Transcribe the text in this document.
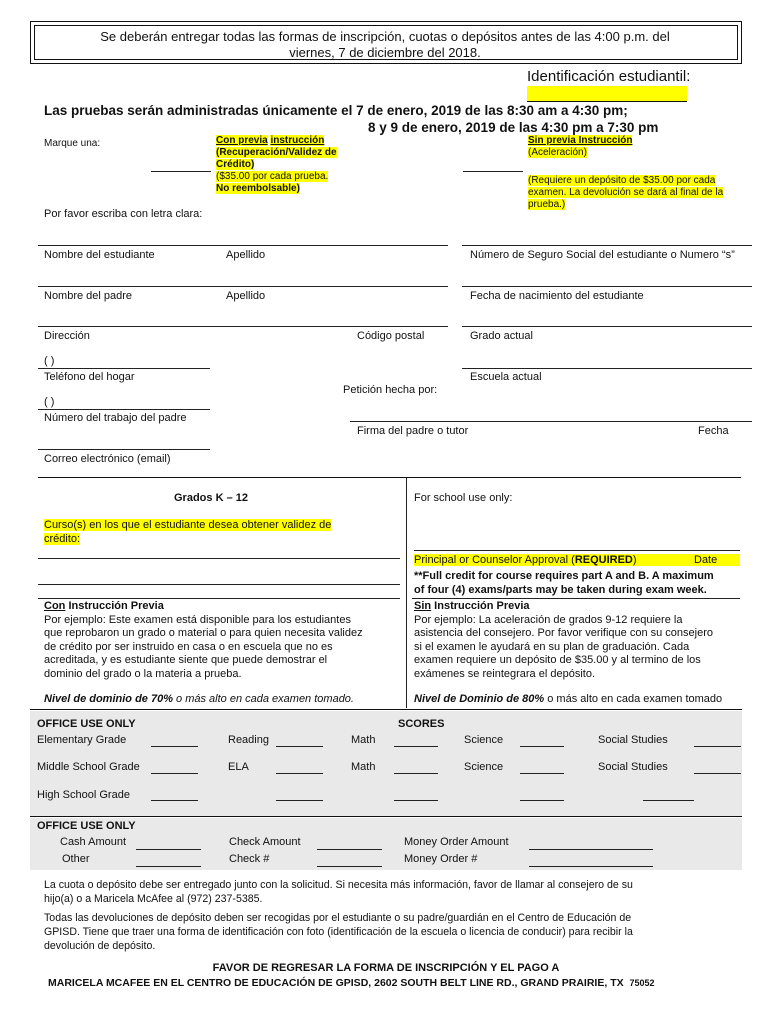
Se deberán entregar todas las formas de inscripción, cuotas o depósitos antes de las 4:00 p.m. del
viernes, 7 de diciembre del 2018.
Identificación estudiantil:
Las pruebas serán administradas únicamente el 7 de enero, 2019 de las 8:30 am a 4:30 pm;
8 y 9 de enero, 2019 de las 4:30 pm a 7:30 pm
Marque una:	Con previa instrucción
(Recuperación/Validez de
Crédito)
($35.00 por cada prueba.
No reembolsable)
Sin previa Instrucción
(Aceleración)

(Requiere un depósito de $35.00 por cada
examen. La devolución se dará al final de la
prueba.)
Por favor escriba con letra clara:
Nombre del estudiante	Apellido	Número de Seguro Social del estudiante o Numero “s”
Nombre del padre	Apellido	Fecha de nacimiento del estudiante
Dirección	Código postal	Grado actual
( )
Teléfono del hogar	Escuela actual
Petición hecha por:
( )
Número del trabajo del padre
Firma del padre o tutor	Fecha
Correo electrónico (email)
Grados K – 12	For school use only:
Curso(s) en los que el estudiante desea obtener validez de
crédito:
Principal or Counselor Approval (REQUIRED)	Date
**Full credit for course requires part A and B. A maximum
of four (4) exams/parts may be taken during exam week.
Con Instrucción Previa
Por ejemplo: Este examen está disponible para los estudiantes
que reprobaron un grado o material o para quien necesita validez
de crédito por ser instruido en casa o en escuela que no es
acreditada, y es estudiante siente que puede demostrar el
dominio del grado o la materia a prueba.
Nivel de dominio de 70% o más alto en cada examen tomado.
Sin Instrucción Previa
Por ejemplo: La aceleración de grados 9-12 requiere la
asistencia del consejero. Por favor verifique con su consejero
si el examen le ayudará en su plan de graduación. Cada
examen requiere un depósito de $35.00 y al termino de los
exámenes se reintegrara el depósito.
Nivel de Dominio de 80% o más alto en cada examen tomado
OFFICE USE ONLY	SCORES
Elementary Grade	Reading	Math	Science	Social Studies
Middle School Grade	ELA	Math	Science	Social Studies
High School Grade
OFFICE USE ONLY
Cash Amount	Check Amount	Money Order Amount
Other	Check #	Money Order #
La cuota o depósito debe ser entregado junto con la solicitud. Si necesita más información, favor de llamar al consejero de su
hijo(a) o a Maricela McAfee al (972) 237-5385.
Todas las devoluciones de depósito deben ser recogidas por el estudiante o su padre/guardián en el Centro de Educación de
GPISD. Tiene que traer una forma de identificación con foto (identificación de la escuela o licencia de conducir) para recibir la
devolución de depósito.
FAVOR DE REGRESAR LA FORMA DE INSCRIPCIÓN Y EL PAGO A
MARICELA MCAFEE EN EL CENTRO DE EDUCACIÓN DE GPISD, 2602 SOUTH BELT LINE RD., GRAND PRAIRIE, TX 75052
